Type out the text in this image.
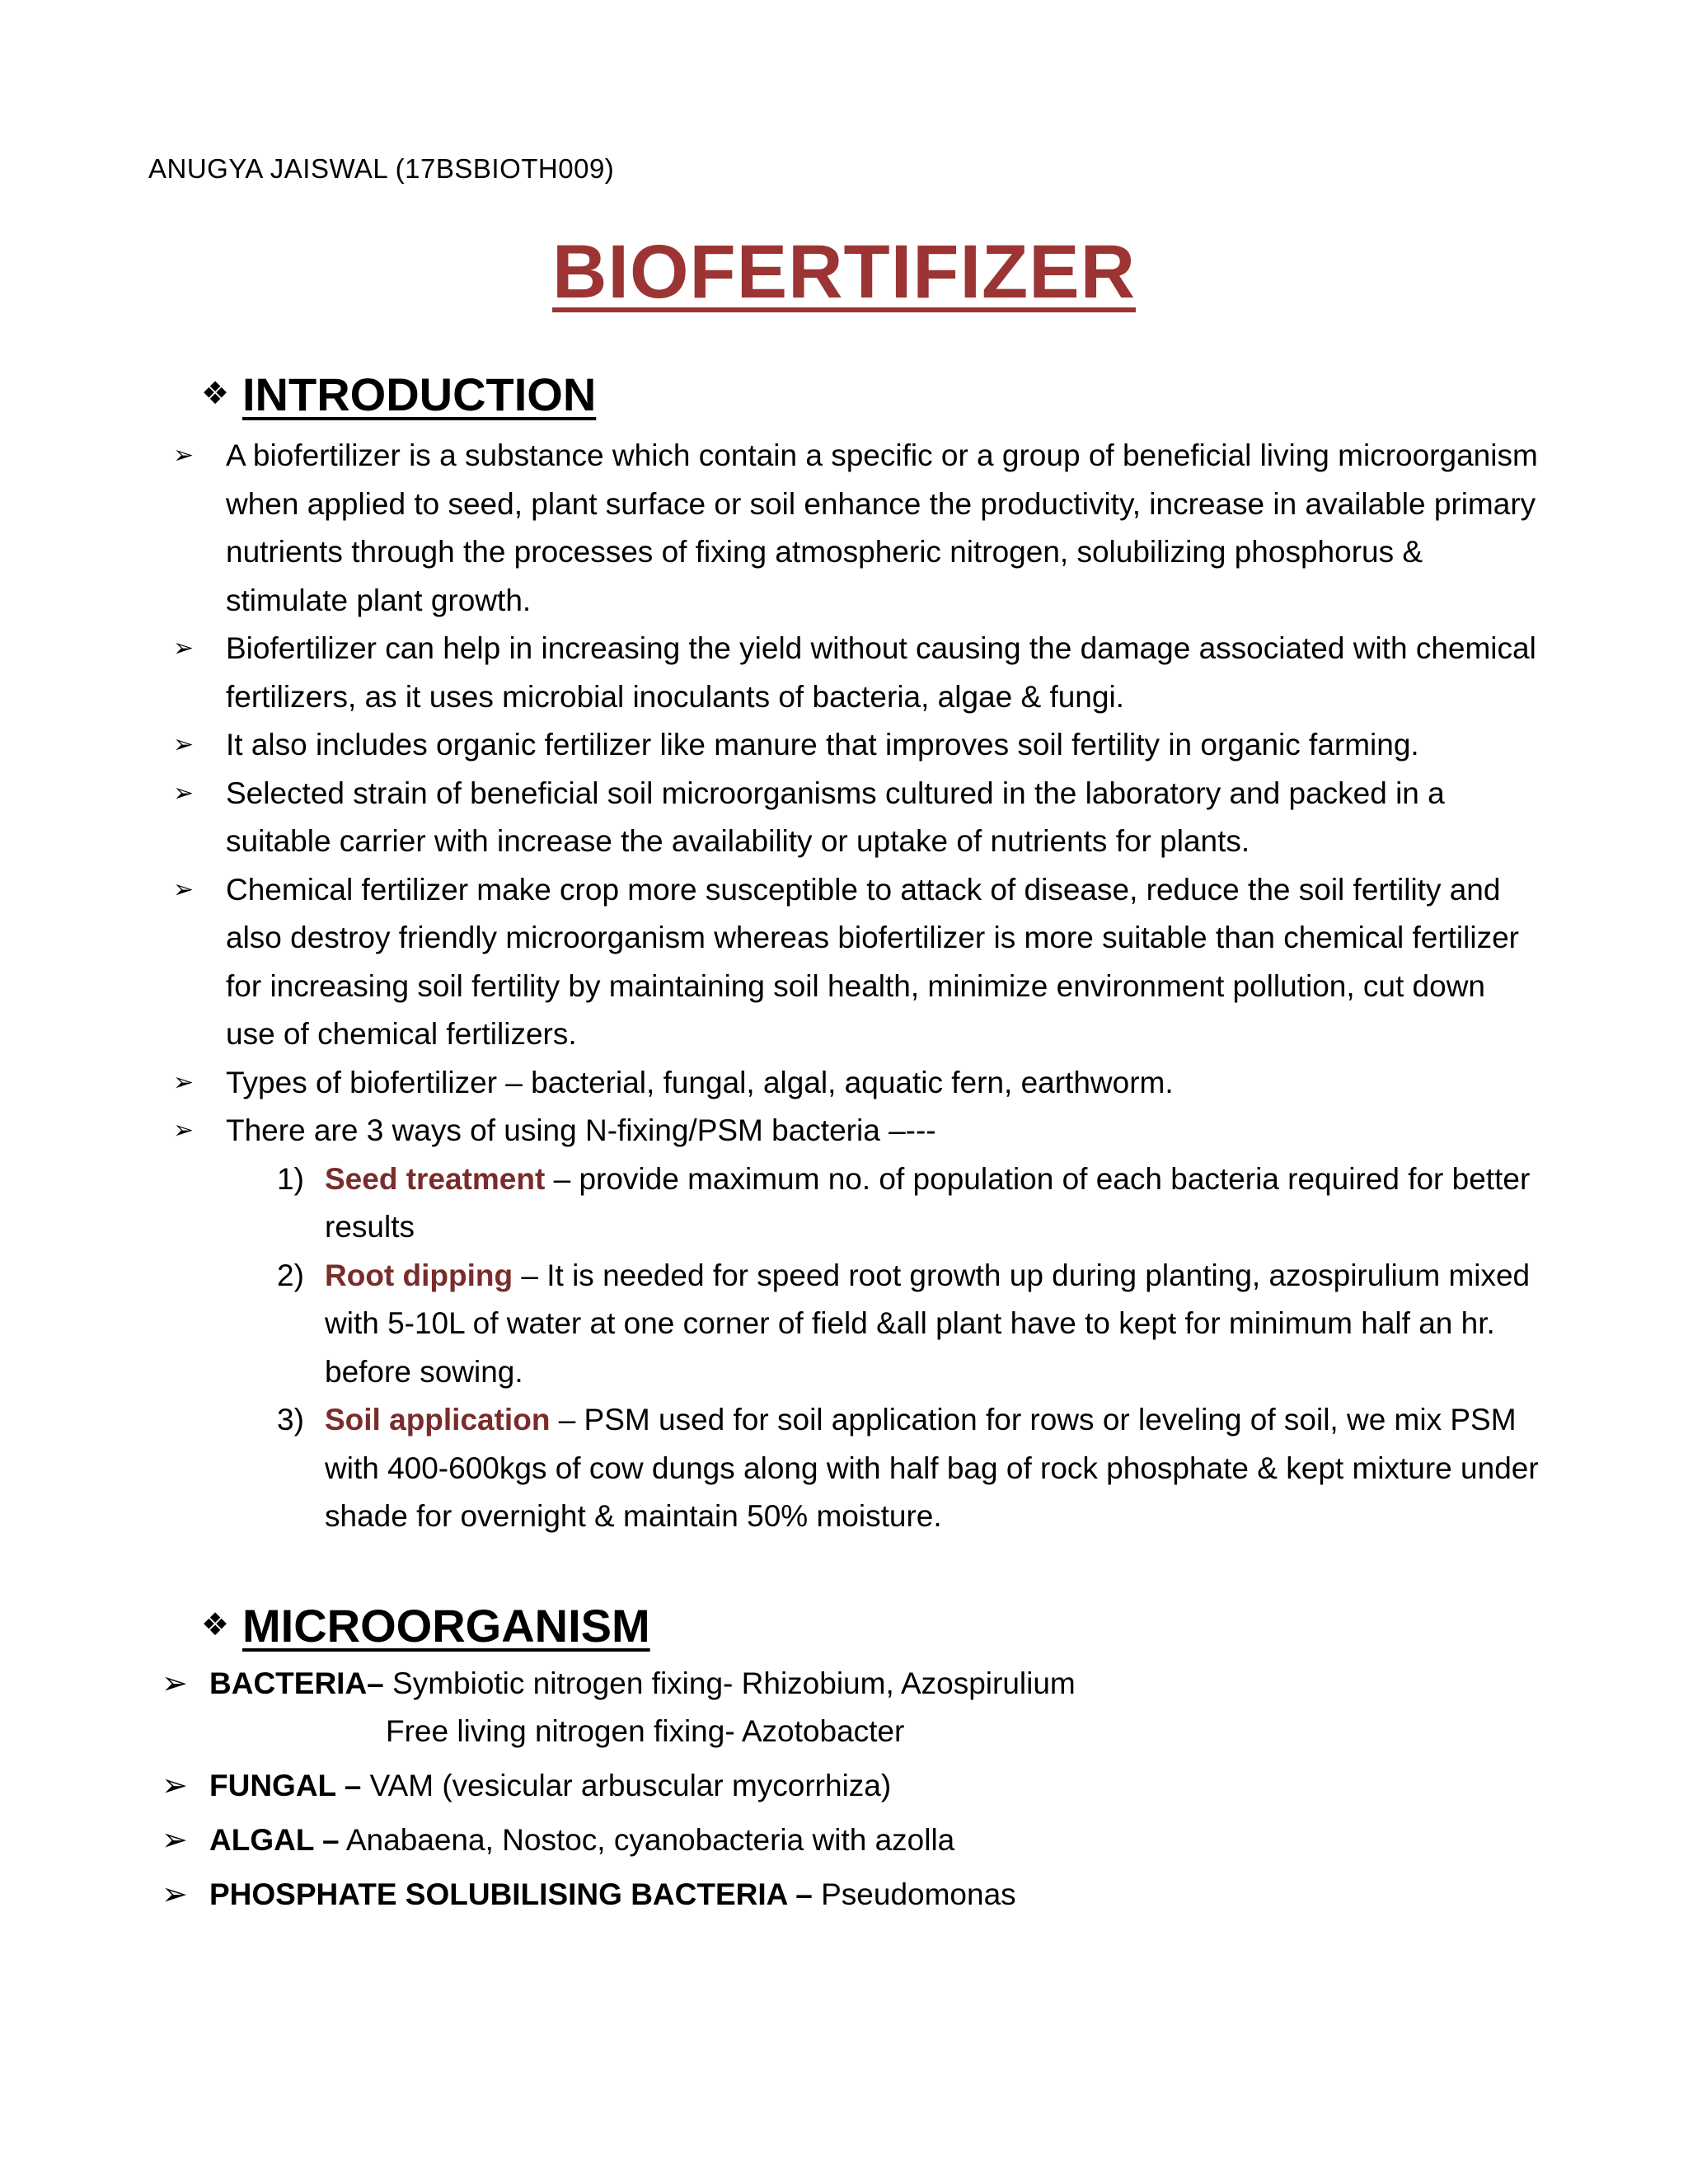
ANUGYA JAISWAL (17BSBIOTH009)
BIOFERTIFIZER
❖ INTRODUCTION
➢ A biofertilizer is a substance which contain a specific or a group of beneficial living microorganism when applied to seed, plant surface or soil enhance the productivity, increase in available primary nutrients through the processes of fixing atmospheric nitrogen, solubilizing phosphorus & stimulate plant growth.
➢ Biofertilizer can help in increasing the yield without causing the damage associated with chemical fertilizers, as it uses microbial inoculants of bacteria, algae & fungi.
➢ It also includes organic fertilizer like manure that improves soil fertility in organic farming.
➢ Selected strain of beneficial soil microorganisms cultured in the laboratory and packed in a suitable carrier with increase the availability or uptake of nutrients for plants.
➢ Chemical fertilizer make crop more susceptible to attack of disease, reduce the soil fertility and also destroy friendly microorganism whereas biofertilizer is more suitable than chemical fertilizer for increasing soil fertility by maintaining soil health, minimize environment pollution, cut down use of chemical fertilizers.
➢ Types of biofertilizer – bacterial, fungal, algal, aquatic fern, earthworm.
➢ There are 3 ways of using N-fixing/PSM bacteria –---
1) Seed treatment – provide maximum no. of population of each bacteria required for better results
2) Root dipping – It is needed for speed root growth up during planting, azospirulium mixed with 5-10L of water at one corner of field &all plant have to kept for minimum half an hr. before sowing.
3) Soil application – PSM used for soil application for rows or leveling of soil, we mix PSM with 400-600kgs of cow dungs along with half bag of rock phosphate & kept mixture under shade for overnight & maintain 50% moisture.
❖ MICROORGANISM
➢ BACTERIA– Symbiotic nitrogen fixing- Rhizobium, Azospirulium
Free living nitrogen fixing- Azotobacter
➢ FUNGAL – VAM (vesicular arbuscular mycorrhiza)
➢ ALGAL – Anabaena, Nostoc, cyanobacteria with azolla
➢ PHOSPHATE SOLUBILISING BACTERIA – Pseudomonas
